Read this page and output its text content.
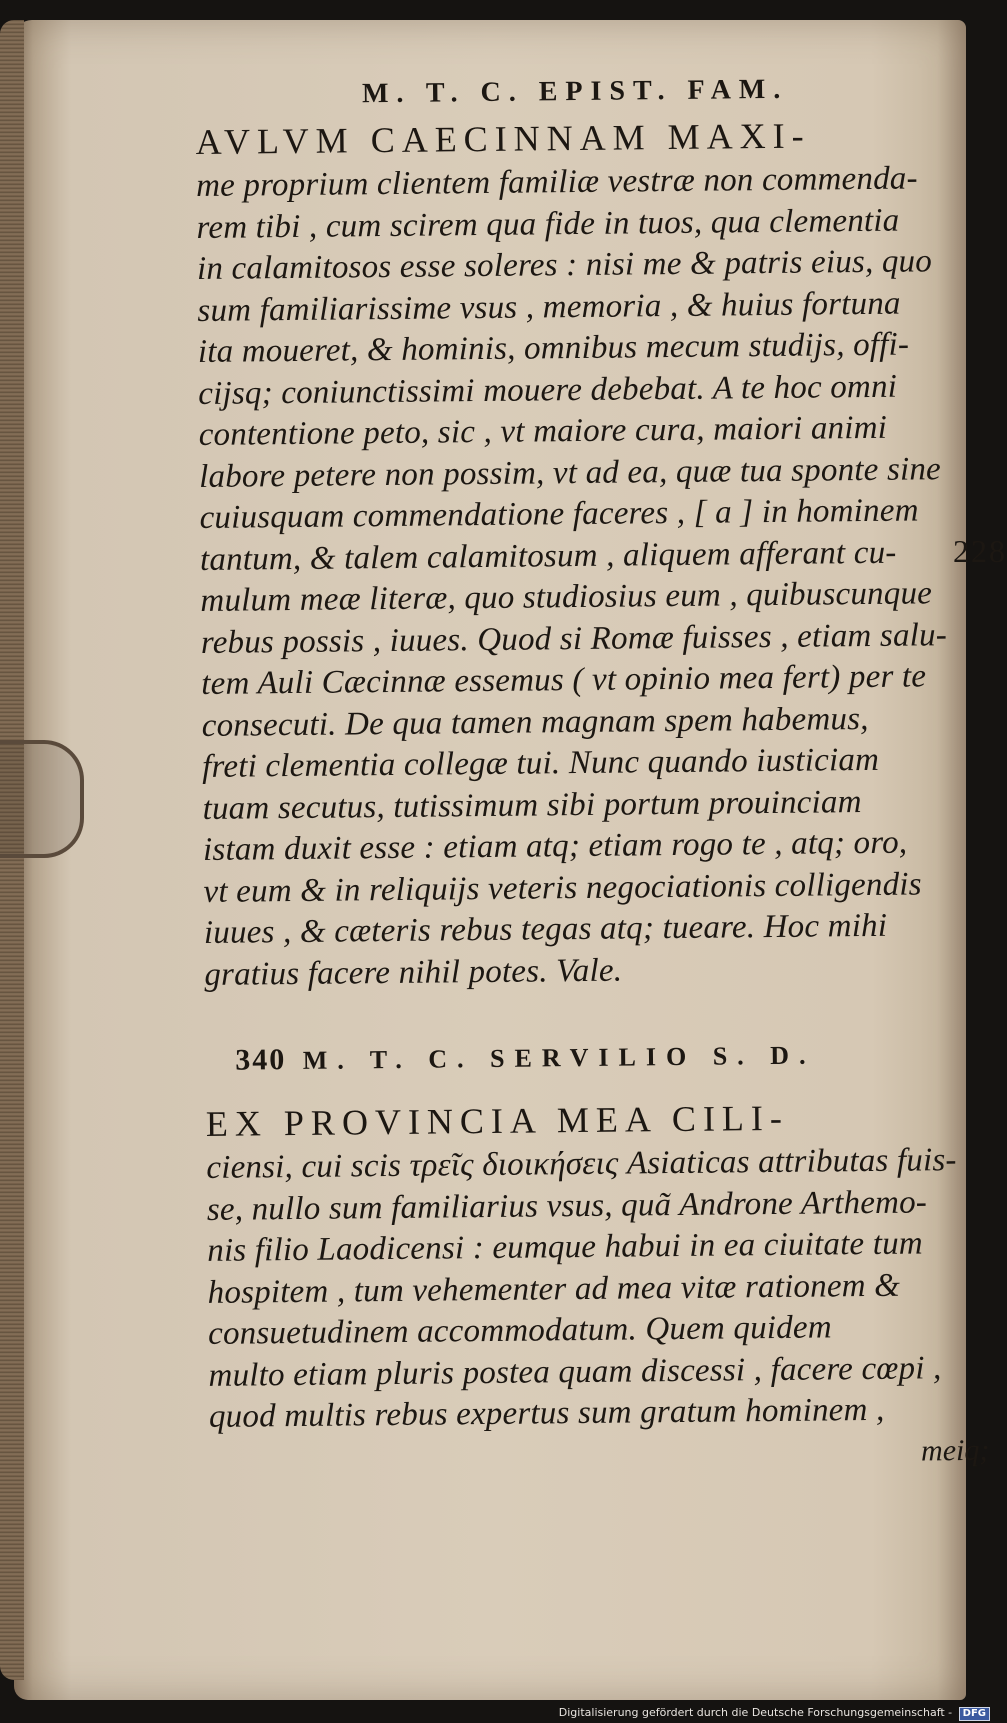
M. T. C. EPIST. FAM.
AVLVM CAECINNAM MAXI-
me proprium clientem familiæ vestræ non commenda-
rem tibi , cum scirem qua fide in tuos, qua clementia
in calamitosos esse soleres : nisi me & patris eius, quo
sum familiarissime vsus , memoria , & huius fortuna
ita moueret, & hominis, omnibus mecum studijs, offi-
cijsq; coniunctissimi mouere debebat. A te hoc omni
contentione peto, sic , vt maiore cura, maiori animi
labore petere non possim, vt ad ea, quæ tua sponte sine
cuiusquam commendatione faceres , [ a ] in hominem
tantum, & talem calamitosum , aliquem afferant cu-
mulum meæ literæ, quo studiosius eum , quibuscunque
rebus possis , iuues. Quod si Romæ fuisses , etiam salu-
tem Auli Cæcinnæ essemus ( vt opinio mea fert) per te
consecuti. De qua tamen magnam spem habemus,
freti clementia collegæ tui. Nunc quando iusticiam
tuam secutus, tutissimum sibi portum prouinciam
istam duxit esse : etiam atq; etiam rogo te , atq; oro,
vt eum & in reliquijs veteris negociationis colligendis
iuues , & cæteris rebus tegas atq; tueare. Hoc mihi
gratius facere nihil potes. Vale.
340 M. T. C. SERVILIO S. D.
EX PROVINCIA MEA CILI-
ciensi, cui scis τρεῖς διοικήσεις Asiaticas attributas fuis-
se, nullo sum familiarius vsus, quã Androne Arthemo-
nis filio Laodicensi : eumque habui in ea ciuitate tum
hospitem , tum vehementer ad mea vitæ rationem &
consuetudinem accommodatum. Quem quidem
multo etiam pluris postea quam discessi , facere cœpi ,
quod multis rebus expertus sum gratum hominem ,
meiq;
228
Digitalisierung gefördert durch die Deutsche Forschungsgemeinschaft - DFG
